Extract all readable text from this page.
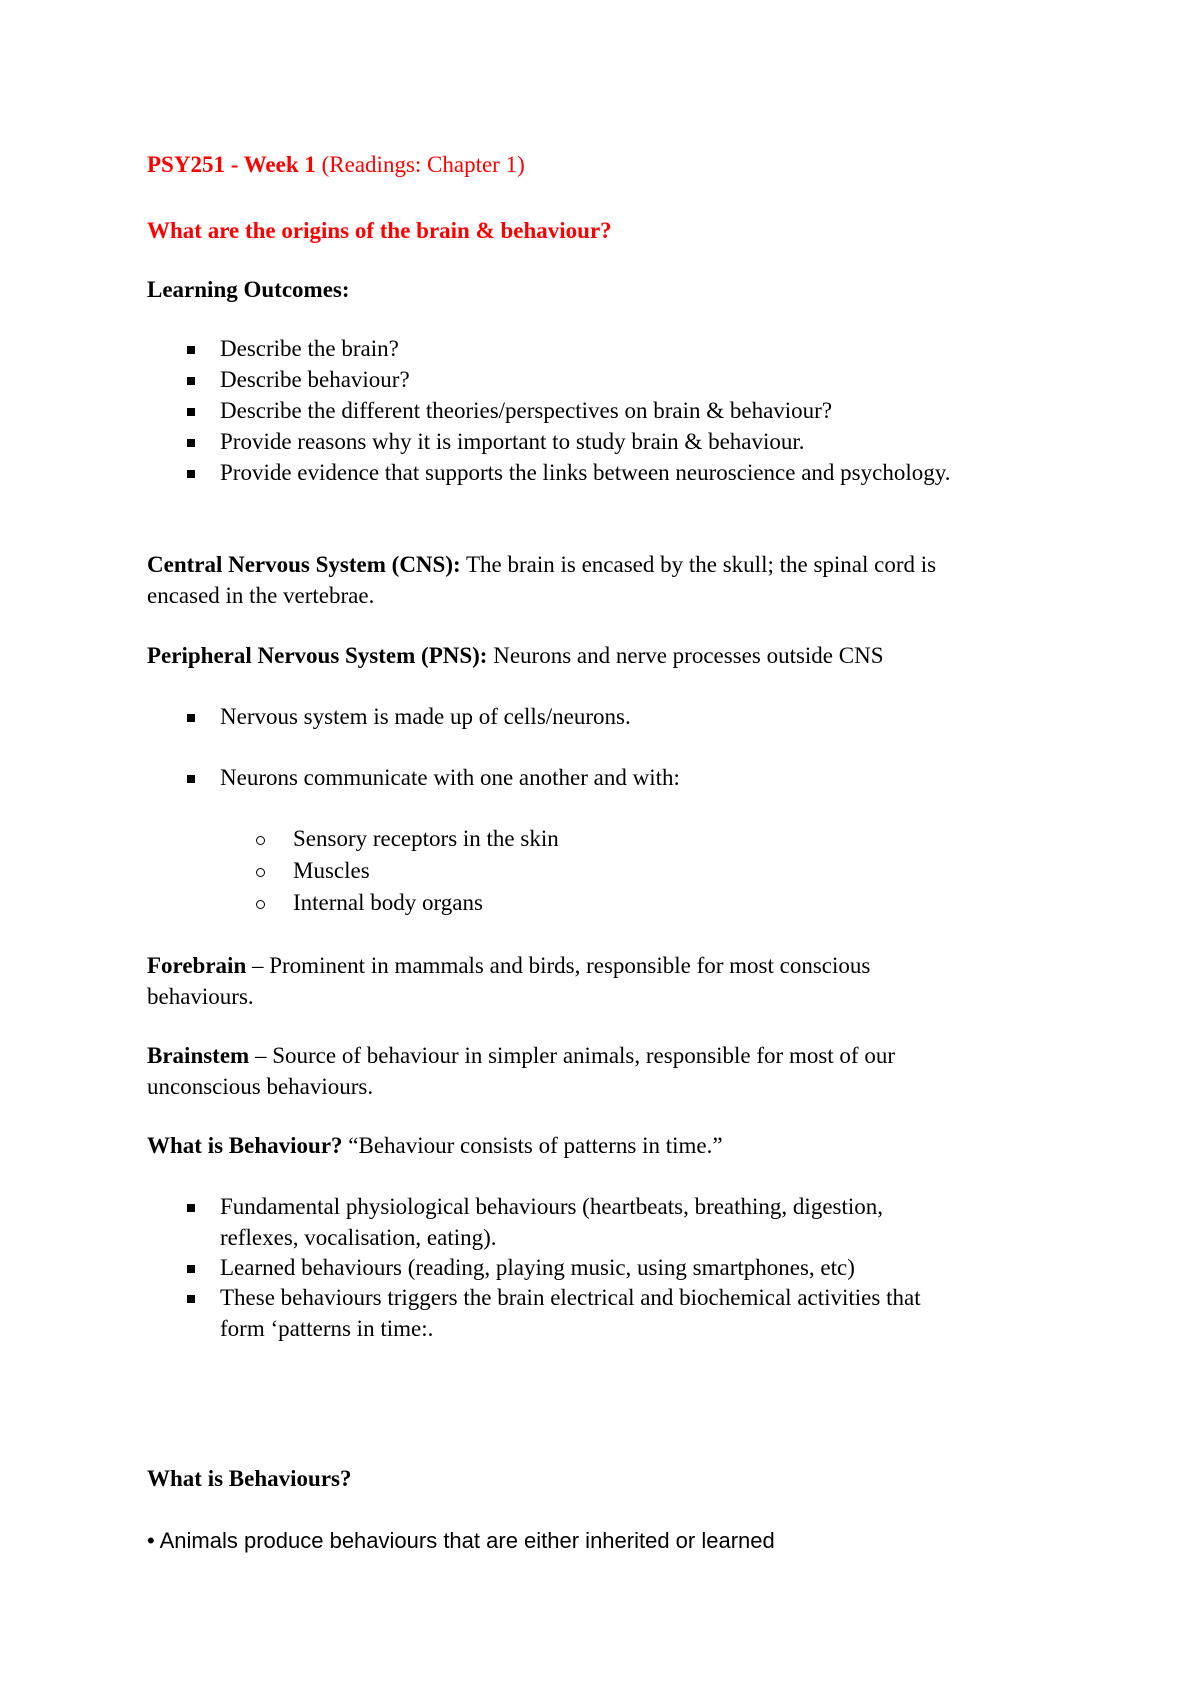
PSY251 - Week 1 (Readings: Chapter 1)
What are the origins of the brain & behaviour?
Learning Outcomes:
Describe the brain?
Describe behaviour?
Describe the different theories/perspectives on brain & behaviour?
Provide reasons why it is important to study brain & behaviour.
Provide evidence that supports the links between neuroscience and psychology.
Central Nervous System (CNS): The brain is encased by the skull; the spinal cord is
encased in the vertebrae.
Peripheral Nervous System (PNS): Neurons and nerve processes outside CNS
Nervous system is made up of cells/neurons.
Neurons communicate with one another and with:
Sensory receptors in the skin
Muscles
Internal body organs
Forebrain – Prominent in mammals and birds, responsible for most conscious
behaviours.
Brainstem – Source of behaviour in simpler animals, responsible for most of our
unconscious behaviours.
What is Behaviour? “Behaviour consists of patterns in time.”
Fundamental physiological behaviours (heartbeats, breathing, digestion,
reflexes, vocalisation, eating).
Learned behaviours (reading, playing music, using smartphones, etc)
These behaviours triggers the brain electrical and biochemical activities that
form ‘patterns in time:.
What is Behaviours?
• Animals produce behaviours that are either inherited or learned
